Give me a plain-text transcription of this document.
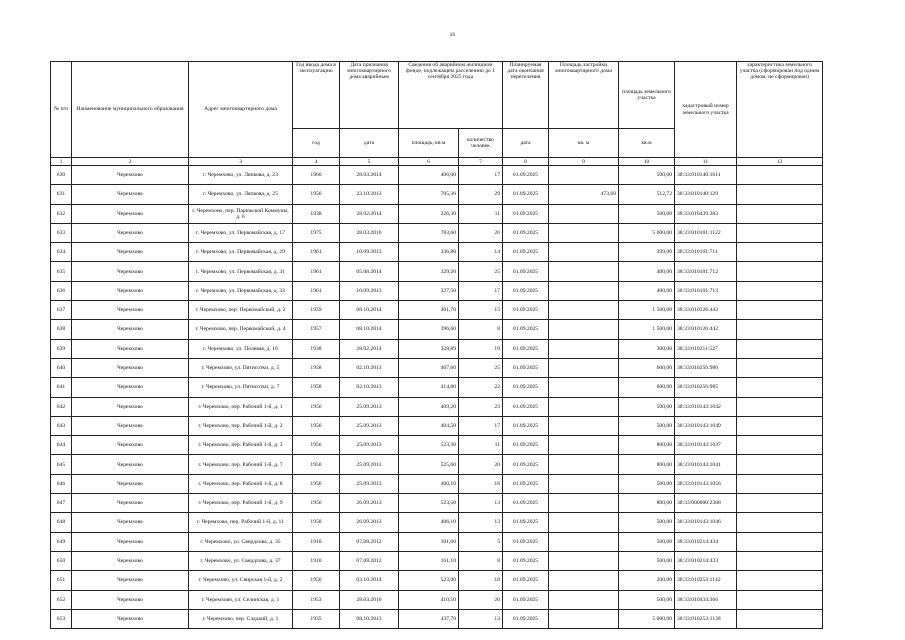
26
№ п/п	Наименование муниципального образования	Адрес многоквартирного дома	Год ввода дома в эксплуатацию	Дата признания многоквартирного дома аварийным	Сведения об аварийном жилищном фонде, подлежащем расселению до 1 сентября 2025 года		Планируемая дата окончания переселения	Площадь застройки многоквартирного дома	площадь земельного участка	кадастровый номер земельного участка	характеристика земельного участка (сформирован под одним домом, не сформирован)
			год	дата	площадь, кв.м	количество человек	дата	кв. м	кв.м		
1	2	3	4	5	6	7	8	9	10	11	12
630	Черемхово	г. Черемхово, ул. Ляпкова, д. 23	1960	28.03.2014	406,00	17	01.09.2025		500,00	38:33:010140:1611	
631	Черемхово	г. Черемхово, ул. Ляпкова, д. 25	1956	23.10.2013	705,30	29	01.09.2025	473,60	512,72	38:33:010140:129	
632	Черемхово	г. Черемхово, пер. Парижской Коммуны, д. 6	1938	28.02.2014	226,30	11	01.09.2025		500,00	38:33:010439:383	
633	Черемхово	г. Черемхово, ул. Первомайская, д. 17	1975	28.03.2016	783,60	26	01.09.2025		5 000,00	38:33:010101:1122	
634	Черемхово	г. Черемхово, ул. Первомайская, д. 29	1961	10.09.2013	336,80	14	01.09.2025		399,00	38:33:010101:711	
635	Черемхово	г. Черемхово, ул. Первомайская, д. 31	1961	05.08.2014	329,20	25	01.09.2025		400,00	38:33:010101:712	
636	Черемхово	г. Черемхово, ул. Первомайская, д. 33	1961	10.09.2013	327,50	17	01.09.2025		400,00	38:33:010101:713	
637	Черемхово	г. Черемхово, пер. Первомайский, д. 2	1959	08.10.2014	401,70	15	01.09.2025		1 500,00	38:33:010126:443	
638	Черемхово	г. Черемхово, пер. Первомайский, д. 4	1957	08.10.2014	396,60	8	01.09.2025		1 500,00	38:33:010126:442	
639	Черемхово	г. Черемхово, ул. Полевая, д. 16	1938	28.02.2014	328,89	19	01.09.2025		300,00	38:33:010211:527	
640	Черемхово	г. Черемхово, ул. Пятисотки, д. 5	1958	02.10.2013	407,60	25	01.09.2025		600,00	38:33:010256:986	
641	Черемхово	г. Черемхово, ул. Пятисотки, д. 7	1958	02.10.2013	414,80	22	01.09.2025		600,00	38:33:010256:985	
642	Черемхово	г. Черемхово, пер. Рабочий 1-й, д. 1	1956	25.09.2013	409,20	23	01.09.2025		500,00	38:33:010143:1042	
643	Черемхово	г. Черемхово, пер. Рабочий 1-й, д. 2	1956	25.09.2013	404,50	17	01.09.2025		500,00	38:33:010143:1049	
644	Черемхово	г. Черемхово, пер. Рабочий 1-й, д. 3	1956	25.09.2013	523,30	11	01.09.2025		800,00	38:33:010143:1037	
645	Черемхово	г. Черемхово, пер. Рабочий 1-й, д. 7	1956	25.09.2013	525,60	20	01.09.2025		800,00	38:33:010143:1041	
646	Черемхово	г. Черемхово, пер. Рабочий 1-й, д. 8	1956	25.09.2013	400,10	16	01.09.2025		500,00	38:33:010143:1056	
647	Черемхово	г. Черемхово, пер. Рабочий 1-й, д. 9	1956	26.09.2013	523,50	13	01.09.2025		800,00	38:33:000000:2308	
648	Черемхово	г. Черемхово, пер. Рабочий 1-й, д. 11	1958	26.09.2013	406,10	13	01.09.2025		500,00	38:33:010143:1046	
649	Черемхово	г. Черемхово, ул. Свердлова, д. 35	1910	07.08.2012	101,60	5	01.09.2025		500,00	38:33:010214:434	
650	Черемхово	г. Черемхово, ул. Свердлова, д. 37	1910	07.08.2012	161,10	8	01.09.2025		500,00	38:33:010214:433	
651	Черемхово	г. Черемхово, ул. Свирская 1-й, д. 2	1950	03.10.2014	523,00	18	01.09.2025		200,00	38:33:010253:1142	
652	Черемхово	г. Черемхово, ул. Селинская, д. 1	1953	28.03.2016	410,50	20	01.09.2025		500,00	38:33:010434:366	
653	Черемхово	г. Черемхово, пер. Сладкий, д. 1	1935	08.10.2013	437,70	13	01.09.2025		5 000,00	38:33:010253:1138	
